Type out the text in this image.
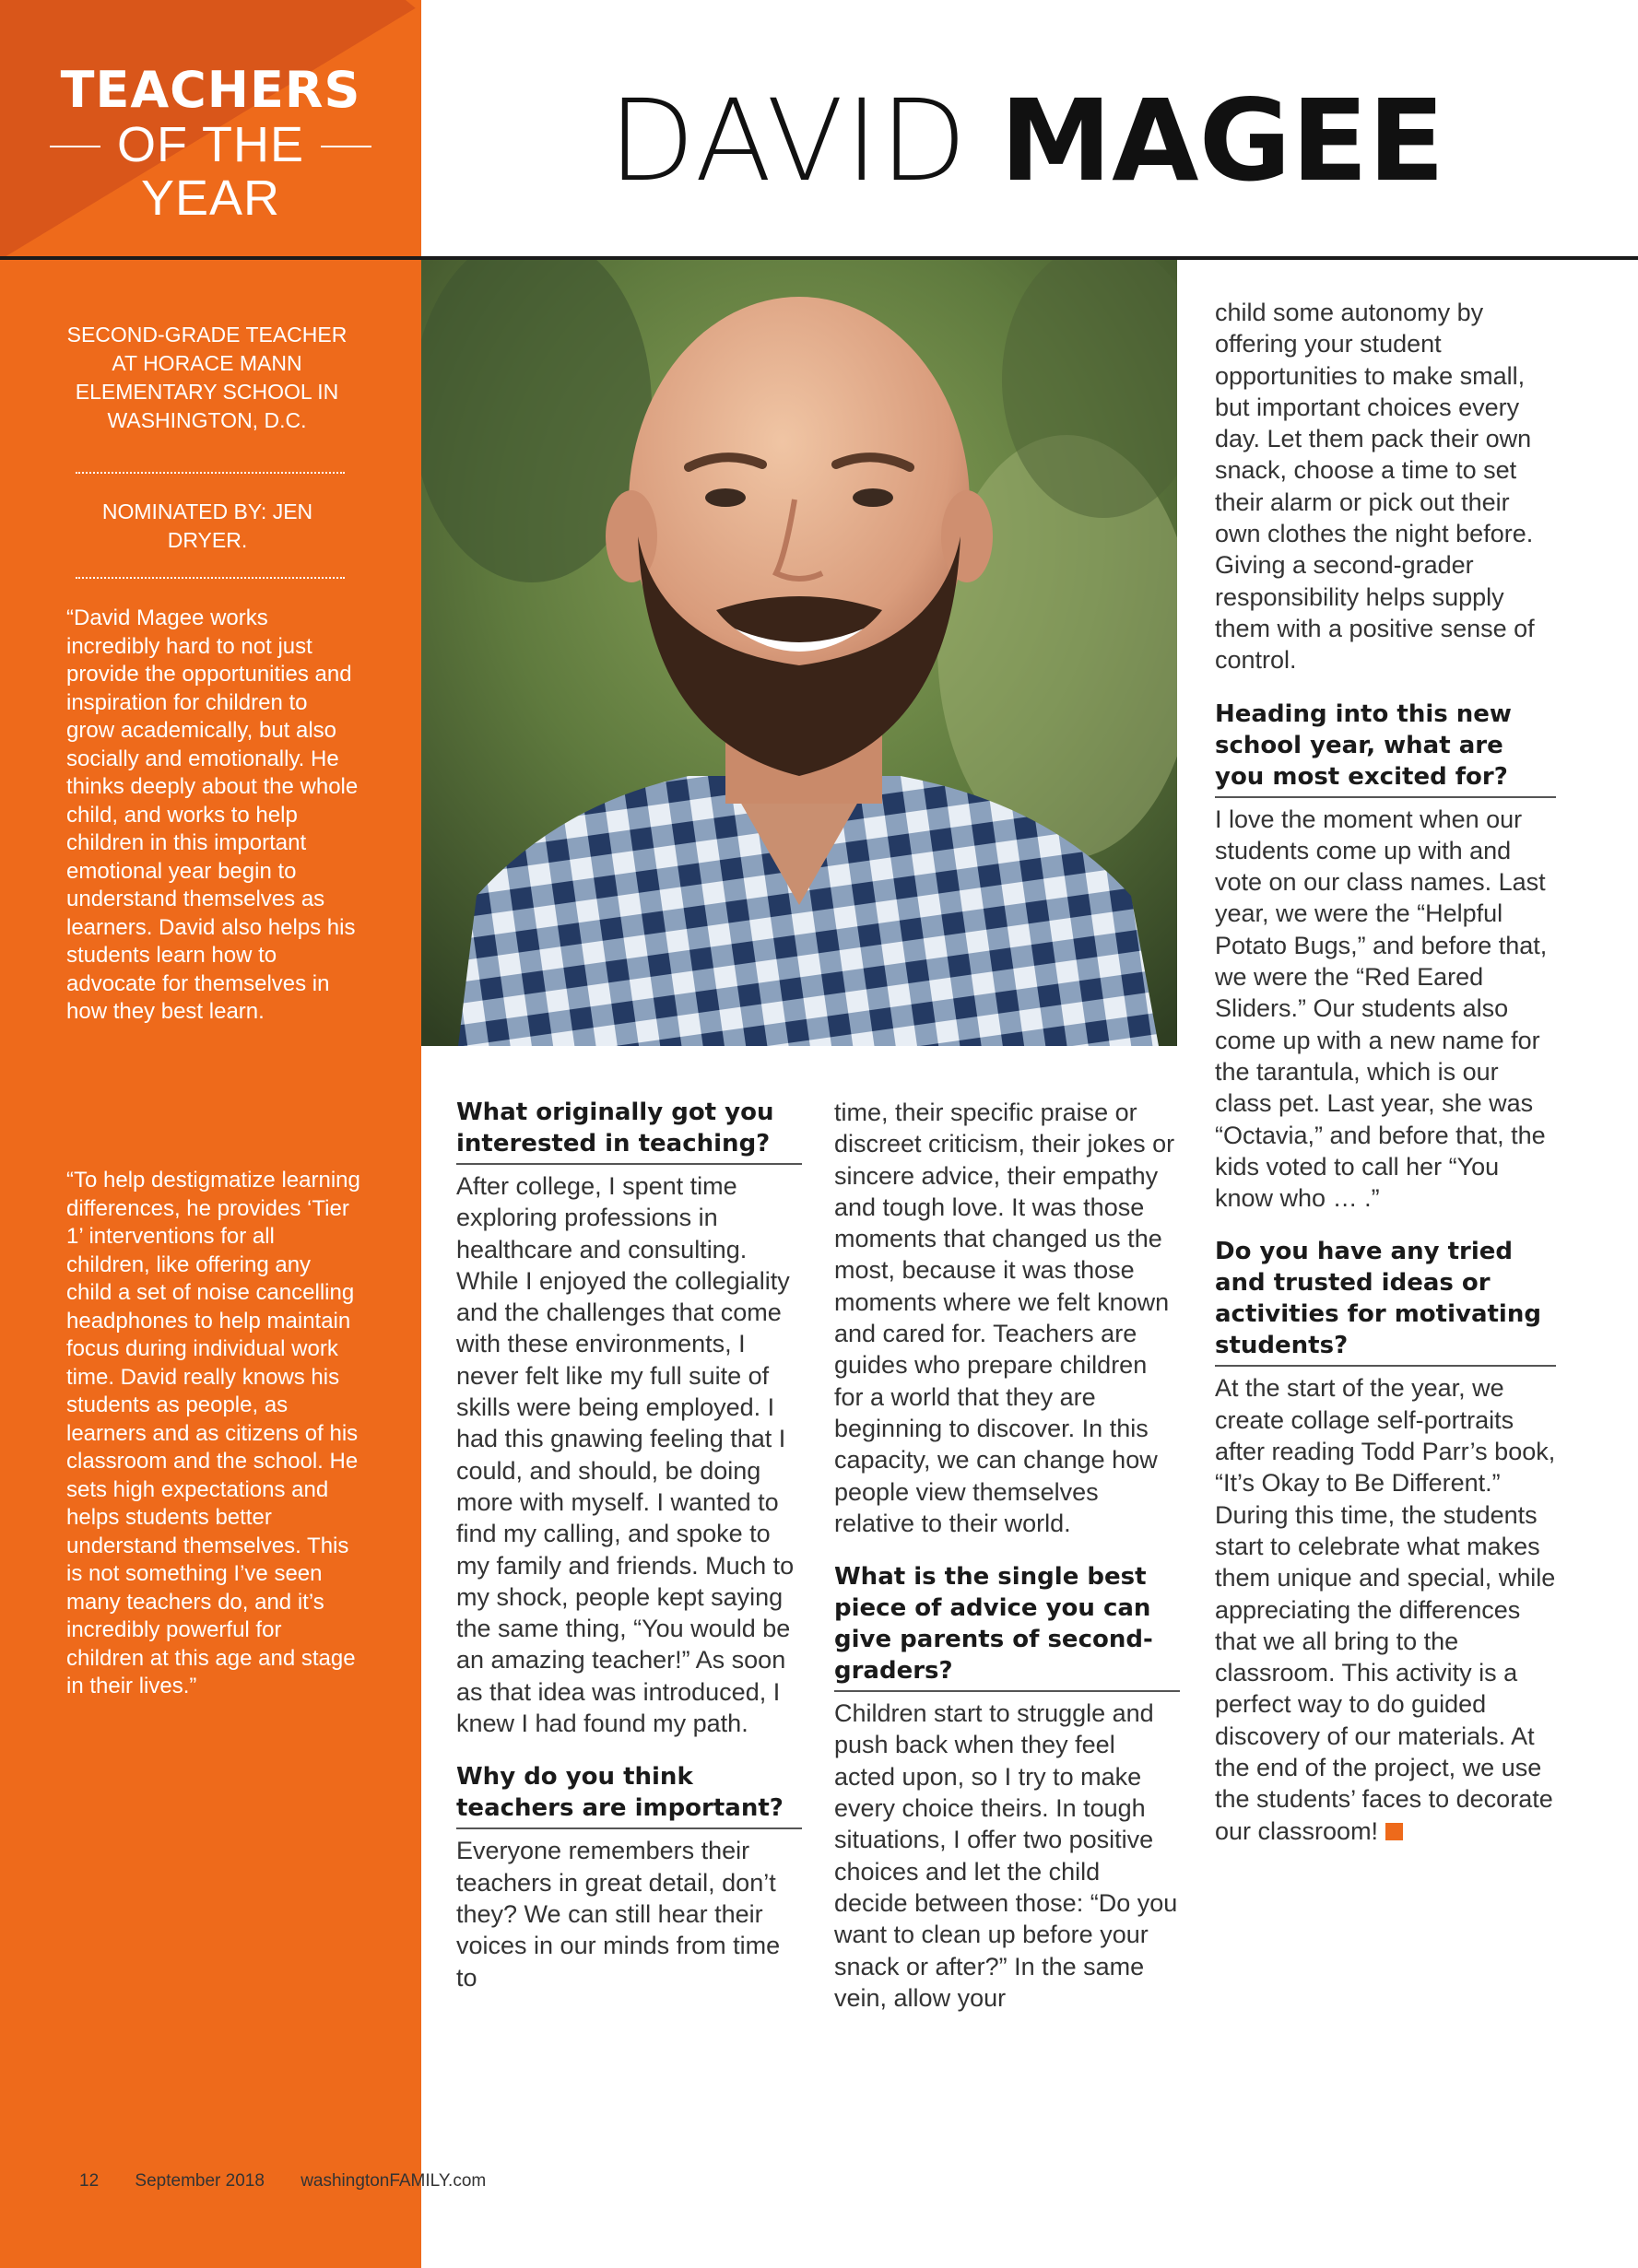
TEACHERS
OF THE
YEAR
SECOND-GRADE TEACHER AT HORACE MANN ELEMENTARY SCHOOL IN WASHINGTON, D.C.
NOMINATED BY: JEN DRYER.
“David Magee works incredibly hard to not just provide the opportunities and inspiration for children to grow academically, but also socially and emotionally. He thinks deeply about the whole child, and works to help children in this important emotional year begin to understand themselves as learners. David also helps his students learn how to advocate for themselves in how they best learn.
“To help destigmatize learning differences, he provides ‘Tier 1’ interventions for all children, like offering any child a set of noise cancelling headphones to help maintain focus during individual work time. David really knows his students as people, as learners and as citizens of his classroom and the school. He sets high expectations and helps students better understand themselves. This is not something I’ve seen many teachers do, and it’s incredibly powerful for children at this age and stage in their lives.”
12 September 2018 washingtonFAMILY.com
DAVID MAGEE
What originally got you interested in teaching?

After college, I spent time exploring professions in healthcare and consulting. While I enjoyed the collegiality and the challenges that come with these environments, I never felt like my full suite of skills were being employed. I had this gnawing feeling that I could, and should, be doing more with myself. I wanted to find my calling, and spoke to my family and friends. Much to my shock, people kept saying the same thing, “You would be an amazing teacher!” As soon as that idea was introduced, I knew I had found my path.

Why do you think teachers are important?

Everyone remembers their teachers in great detail, don’t they? We can still hear their voices in our minds from time to

time, their specific praise or discreet criticism, their jokes or sincere advice, their empathy and tough love. It was those moments that changed us the most, because it was those moments where we felt known and cared for. Teachers are guides who prepare children for a world that they are beginning to discover. In this capacity, we can change how people view themselves relative to their world.

What is the single best piece of advice you can give parents of second-graders?

Children start to struggle and push back when they feel acted upon, so I try to make every choice theirs. In tough situations, I offer two positive choices and let the child decide between those: “Do you want to clean up before your snack or after?” In the same vein, allow your

child some autonomy by offering your student opportunities to make small, but important choices every day. Let them pack their own snack, choose a time to set their alarm or pick out their own clothes the night before. Giving a second-grader responsibility helps supply them with a positive sense of control.

Heading into this new school year, what are you most excited for?

I love the moment when our students come up with and vote on our class names. Last year, we were the “Helpful Potato Bugs,” and before that, we were the “Red Eared Sliders.” Our students also come up with a new name for the tarantula, which is our class pet. Last year, she was “Octavia,” and before that, the kids voted to call her “You know who … .”

Do you have any tried and trusted ideas or activities for motivating students?

At the start of the year, we create collage self-portraits after reading Todd Parr’s book, “It’s Okay to Be Different.” During this time, the students start to celebrate what makes them unique and special, while appreciating the differences that we all bring to the classroom. This activity is a perfect way to do guided discovery of our materials. At the end of the project, we use the students’ faces to decorate our classroom!
